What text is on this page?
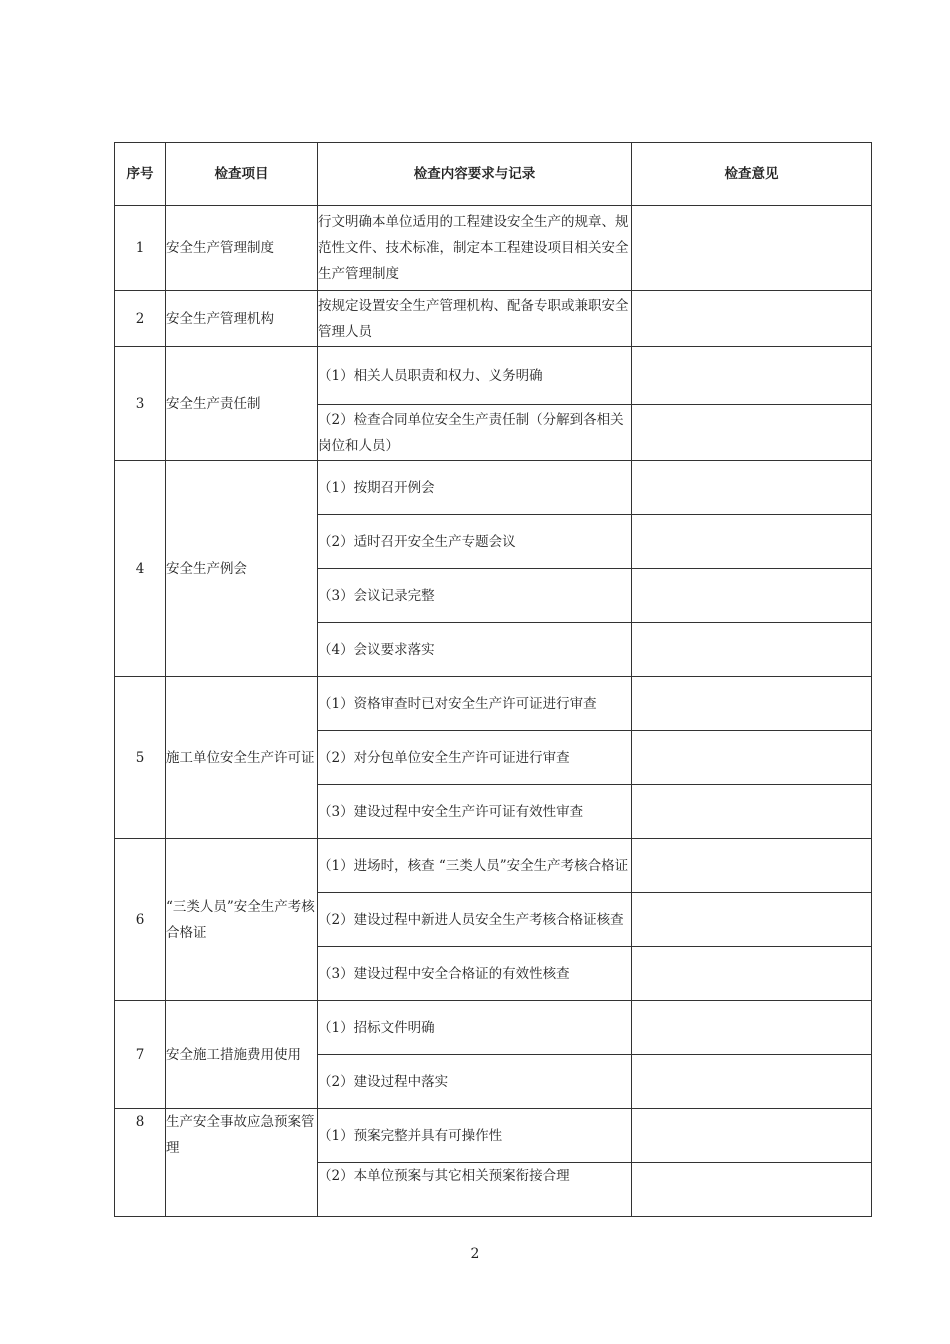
序号	检查项目	检查内容要求与记录	检查意见
1	安全生产管理制度	行文明确本单位适用的工程建设安全生产的规章、规范性文件、技术标准，制定本工程建设项目相关安全生产管理制度	
2	安全生产管理机构	按规定设置安全生产管理机构、配备专职或兼职安全管理人员	
3	安全生产责任制	（1）相关人员职责和权力、义务明确	
		（2）检查合同单位安全生产责任制（分解到各相关岗位和人员）	
4	安全生产例会	（1）按期召开例会	
		（2）适时召开安全生产专题会议	
		（3）会议记录完整	
		（4）会议要求落实	
5	施工单位安全生产许可证	（1）资格审查时已对安全生产许可证进行审查	
		（2）对分包单位安全生产许可证进行审查	
		（3）建设过程中安全生产许可证有效性审查	
6	“三类人员”安全生产考核合格证	（1）进场时，核查 “三类人员”安全生产考核合格证	
		（2）建设过程中新进人员安全生产考核合格证核查	
		（3）建设过程中安全合格证的有效性核查	
7	安全施工措施费用使用	（1）招标文件明确	
		（2）建设过程中落实	
8	生产安全事故应急预案管理	（1）预案完整并具有可操作性	
		（2）本单位预案与其它相关预案衔接合理	
2
